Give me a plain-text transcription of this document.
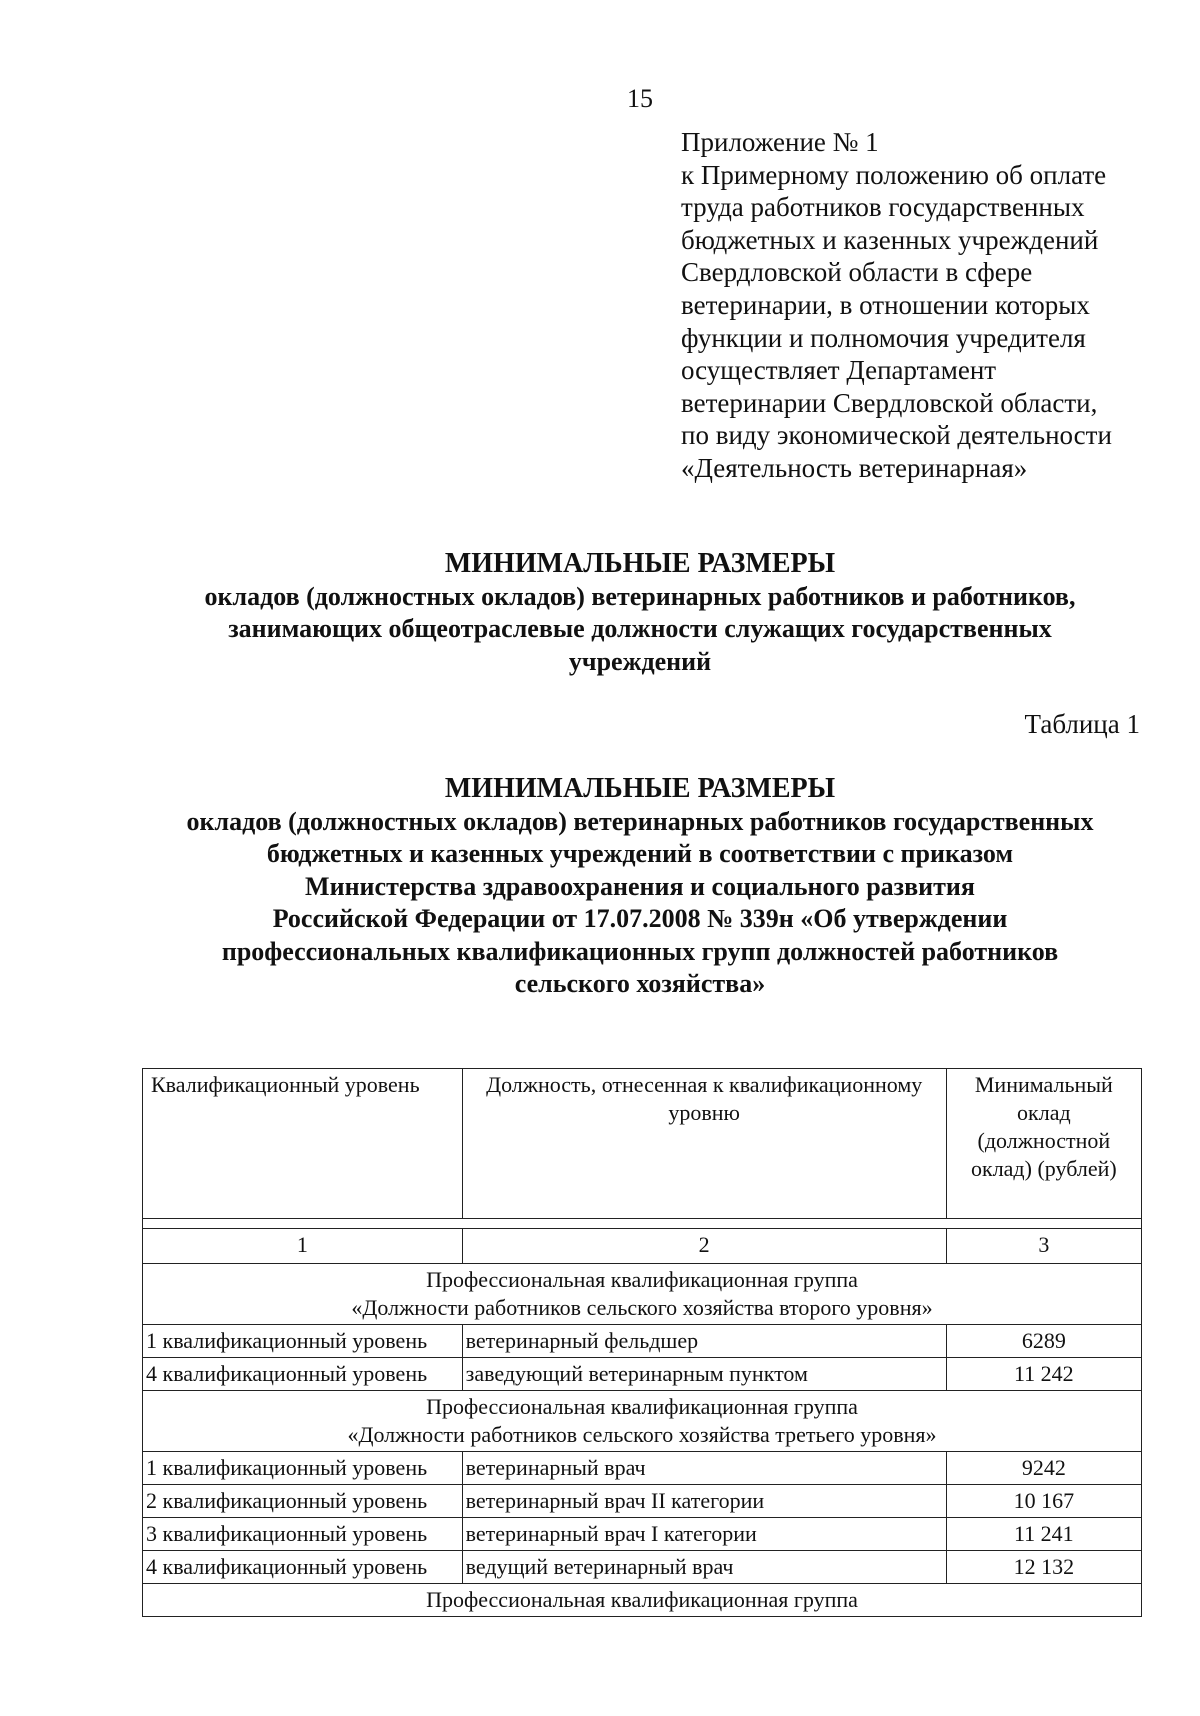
15
Приложение № 1
к Примерному положению об оплате
труда работников государственных
бюджетных и казенных учреждений
Свердловской области в сфере
ветеринарии, в отношении которых
функции и полномочия учредителя
осуществляет Департамент
ветеринарии Свердловской области,
по виду экономической деятельности
«Деятельность ветеринарная»
МИНИМАЛЬНЫЕ РАЗМЕРЫ
окладов (должностных окладов) ветеринарных работников и работников,
занимающих общеотраслевые должности служащих государственных
учреждений
Таблица 1
МИНИМАЛЬНЫЕ РАЗМЕРЫ
окладов (должностных окладов) ветеринарных работников государственных
бюджетных и казенных учреждений в соответствии с приказом
Министерства здравоохранения и социального развития
Российской Федерации от 17.07.2008 № 339н «Об утверждении
профессиональных квалификационных групп должностей работников
сельского хозяйства»
Квалификационный уровень	Должность, отнесенная к квалификационному уровню	Минимальный оклад (должностной оклад) (рублей)

1	2	3

Профессиональная квалификационная группа
«Должности работников сельского хозяйства второго уровня»		

1 квалификационный уровень	ветеринарный фельдшер	6289
4 квалификационный уровень	заведующий ветеринарным пунктом	11 242

Профессиональная квалификационная группа
«Должности работников сельского хозяйства третьего уровня»		

1 квалификационный уровень	ветеринарный врач	9242
2 квалификационный уровень	ветеринарный врач II категории	10 167
3 квалификационный уровень	ветеринарный врач I категории	11 241
4 квалификационный уровень	ведущий ветеринарный врач	12 132

Профессиональная квалификационная группа		
